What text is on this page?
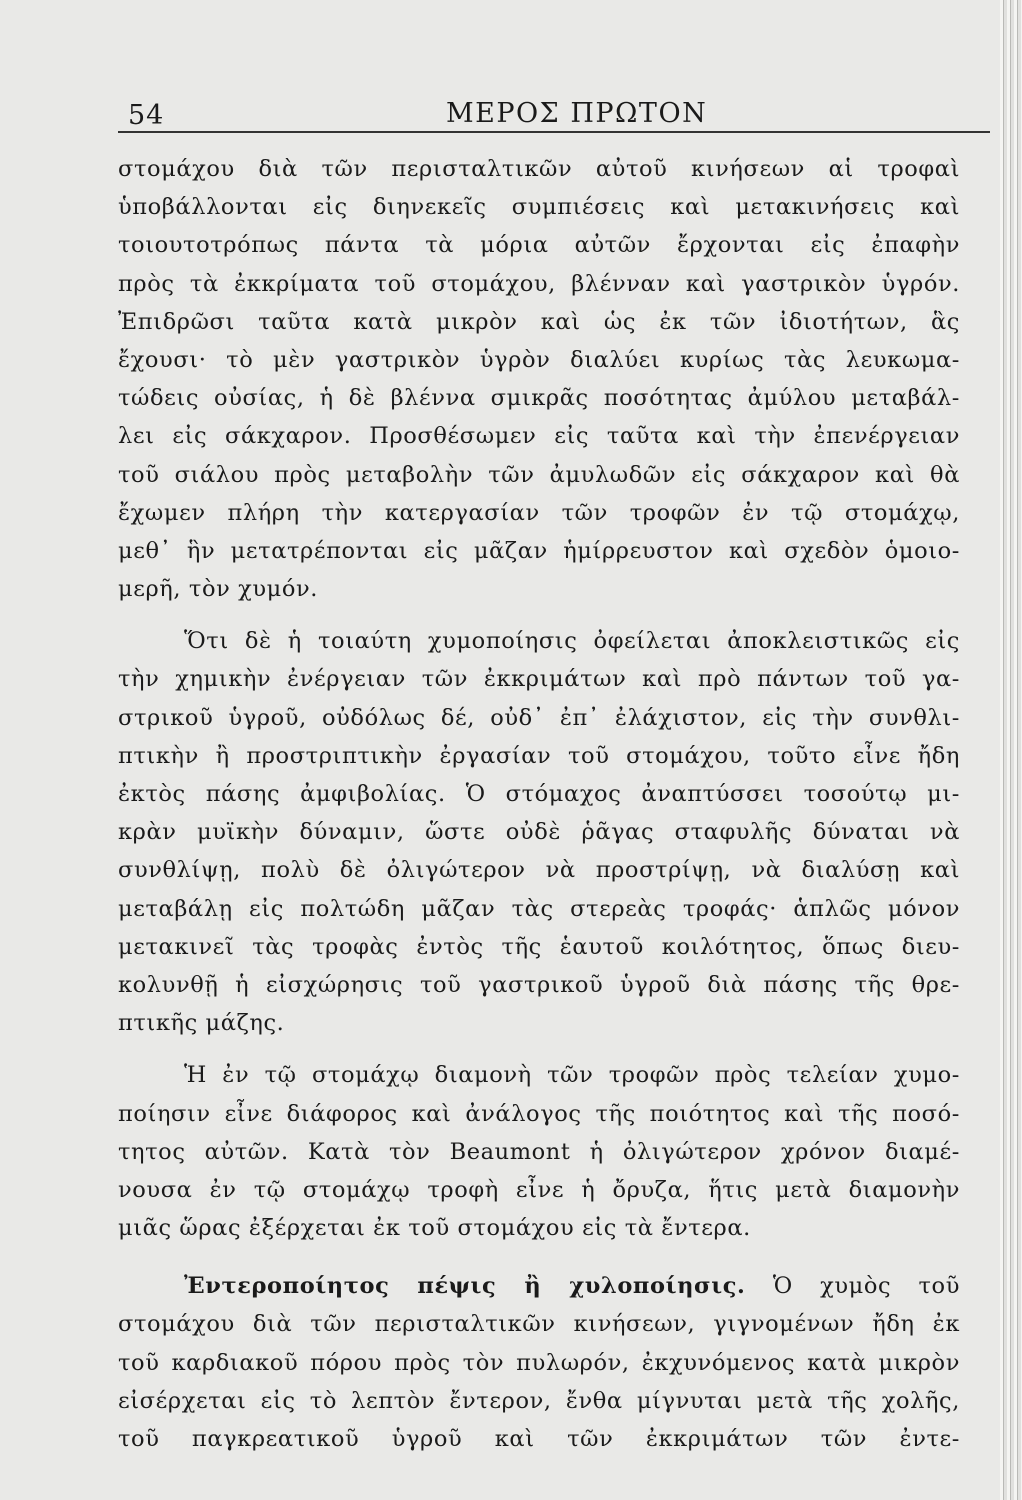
54	ΜΕΡΟΣ ΠΡΩΤΟΝ
στομάχου διὰ τῶν περισταλτικῶν αὐτοῦ κινήσεων αἱ τροφαὶ
ὑποβάλλονται εἰς διηνεκεῖς συμπιέσεις καὶ μετακινήσεις καὶ
τοιουτοτρόπως πάντα τὰ μόρια αὐτῶν ἔρχονται εἰς ἐπαφὴν
πρὸς τὰ ἐκκρίματα τοῦ στομάχου, βλένναν καὶ γαστρικὸν ὑγρόν.
Ἐπιδρῶσι ταῦτα κατὰ μικρὸν καὶ ὡς ἐκ τῶν ἰδιοτήτων, ἃς
ἔχουσι· τὸ μὲν γαστρικὸν ὑγρὸν διαλύει κυρίως τὰς λευκωμα-
τώδεις οὐσίας, ἡ δὲ βλέννα σμικρᾶς ποσότητας ἀμύλου μεταβάλ-
λει εἰς σάκχαρον. Προσθέσωμεν εἰς ταῦτα καὶ τὴν ἐπενέργειαν
τοῦ σιάλου πρὸς μεταβολὴν τῶν ἀμυλωδῶν εἰς σάκχαρον καὶ θὰ
ἔχωμεν πλήρη τὴν κατεργασίαν τῶν τροφῶν ἐν τῷ στομάχῳ,
μεθ᾽ ἣν μετατρέπονται εἰς μᾶζαν ἡμίρρευστον καὶ σχεδὸν ὁμοιο-
μερῆ, τὸν χυμόν.
Ὅτι δὲ ἡ τοιαύτη χυμοποίησις ὀφείλεται ἀποκλειστικῶς εἰς
τὴν χημικὴν ἐνέργειαν τῶν ἐκκριμάτων καὶ πρὸ πάντων τοῦ γα-
στρικοῦ ὑγροῦ, οὐδόλως δέ, οὐδ᾽ ἐπ᾽ ἐλάχιστον, εἰς τὴν συνθλι-
πτικὴν ἢ προστριπτικὴν ἐργασίαν τοῦ στομάχου, τοῦτο εἶνε ἤδη
ἐκτὸς πάσης ἀμφιβολίας. Ὁ στόμαχος ἀναπτύσσει τοσούτῳ μι-
κρὰν μυϊκὴν δύναμιν, ὥστε οὐδὲ ῥᾶγας σταφυλῆς δύναται νὰ
συνθλίψῃ, πολὺ δὲ ὀλιγώτερον νὰ προστρίψῃ, νὰ διαλύσῃ καὶ
μεταβάλῃ εἰς πολτώδη μᾶζαν τὰς στερεὰς τροφάς· ἁπλῶς μόνον
μετακινεῖ τὰς τροφὰς ἐντὸς τῆς ἑαυτοῦ κοιλότητος, ὅπως διευ-
κολυνθῇ ἡ εἰσχώρησις τοῦ γαστρικοῦ ὑγροῦ διὰ πάσης τῆς θρε-
πτικῆς μάζης.
Ἡ ἐν τῷ στομάχῳ διαμονὴ τῶν τροφῶν πρὸς τελείαν χυμο-
ποίησιν εἶνε διάφορος καὶ ἀνάλογος τῆς ποιότητος καὶ τῆς ποσό-
τητος αὐτῶν. Κατὰ τὸν Beaumont ἡ ὀλιγώτερον χρόνον διαμέ-
νουσα ἐν τῷ στομάχῳ τροφὴ εἶνε ἡ ὄρυζα, ἥτις μετὰ διαμονὴν
μιᾶς ὥρας ἐξέρχεται ἐκ τοῦ στομάχου εἰς τὰ ἔντερα.
Ἐντεροποίητος πέψις ἢ χυλοποίησις. Ὁ χυμὸς τοῦ
στομάχου διὰ τῶν περισταλτικῶν κινήσεων, γιγνομένων ἤδη ἐκ
τοῦ καρδιακοῦ πόρου πρὸς τὸν πυλωρόν, ἐκχυνόμενος κατὰ μικρὸν
εἰσέρχεται εἰς τὸ λεπτὸν ἔντερον, ἔνθα μίγνυται μετὰ τῆς χολῆς,
τοῦ παγκρεατικοῦ ὑγροῦ καὶ τῶν ἐκκριμάτων τῶν ἐντε-
